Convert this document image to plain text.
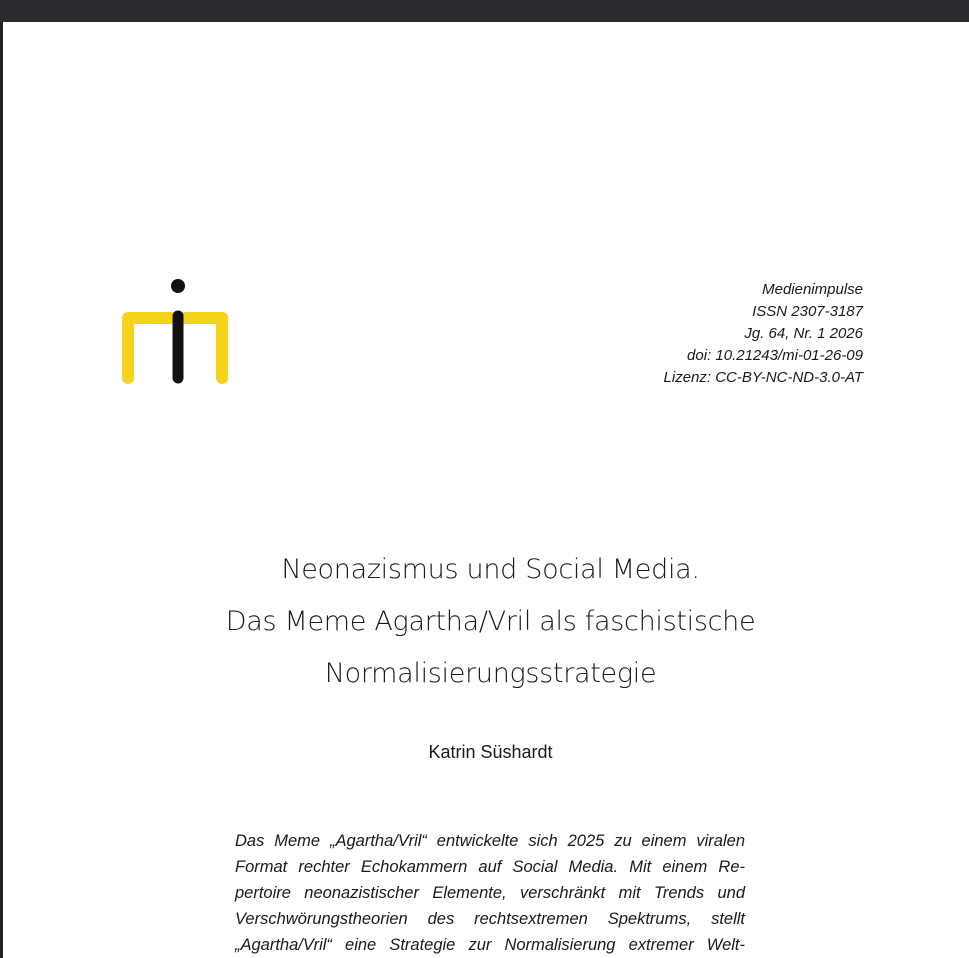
Medienimpulse
ISSN 2307-3187
Jg. 64, Nr. 1 2026
doi: 10.21243/mi-01-26-09
Lizenz: CC-BY-NC-ND-3.0-AT
Neonazismus und Social Media.
Das Meme Agartha/Vril als faschistische
Normalisierungsstrategie
Katrin Süshardt
Das Meme „Agartha/Vril“ entwickelte sich 2025 zu einem viralen
Format rechter Echokammern auf Social Media. Mit einem Re-
pertoire neonazistischer Elemente, verschränkt mit Trends und
Verschwörungstheorien des rechtsextremen Spektrums, stellt
„Agartha/Vril“ eine Strategie zur Normalisierung extremer Welt-
